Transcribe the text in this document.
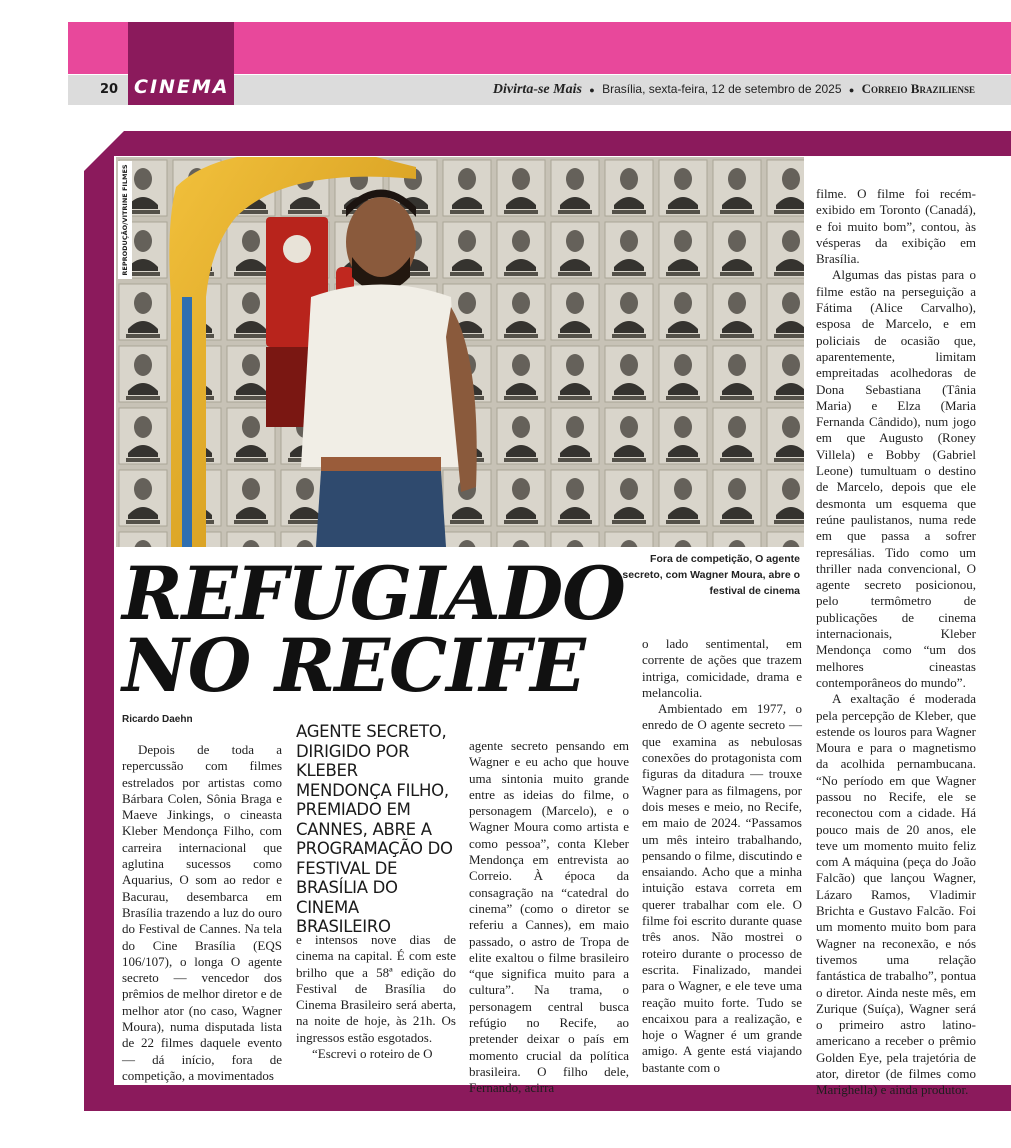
CINEMA
20	Divirta-se Mais ● Brasília, sexta-feira, 12 de setembro de 2025 ● Correio Braziliense
REPRODUÇÃO/VITRINE FILMES
Fora de competição, O agente secreto, com Wagner Moura, abre o festival de cinema
REFUGIADO
NO RECIFE
Ricardo Daehn
AGENTE SECRETO, DIRIGIDO POR KLEBER MENDONÇA FILHO, PREMIADO EM CANNES, ABRE A PROGRAMAÇÃO DO FESTIVAL DE BRASÍLIA DO CINEMA BRASILEIRO

Depois de toda a repercussão com filmes estrelados por artistas como Bárbara Colen, Sônia Braga e Maeve Jinkings, o cineasta Kleber Mendonça Filho, com carreira internacional que aglutina sucessos como Aquarius, O som ao redor e Bacurau, desembarca em Brasília trazendo a luz do ouro do Festival de Cannes. Na tela do Cine Brasília (EQS 106/107), o longa O agente secreto — vencedor dos prêmios de melhor diretor e de melhor ator (no caso, Wagner Moura), numa disputada lista de 22 filmes daquele evento — dá início, fora de competição, a movimentados

e intensos nove dias de cinema na capital. É com este brilho que a 58ª edição do Festival de Brasília do Cinema Brasileiro será aberta, na noite de hoje, às 21h. Os ingressos estão esgotados.

“Escrevi o roteiro de O

agente secreto pensando em Wagner e eu acho que houve uma sintonia muito grande entre as ideias do filme, o personagem (Marcelo), e o Wagner Moura como artista e como pessoa”, conta Kleber Mendonça em entrevista ao Correio. À época da consagração na “catedral do cinema” (como o diretor se referiu a Cannes), em maio passado, o astro de Tropa de elite exaltou o filme brasileiro “que significa muito para a cultura”. Na trama, o personagem central busca refúgio no Recife, ao pretender deixar o país em momento crucial da política brasileira. O filho dele, Fernando, acirra

o lado sentimental, em corrente de ações que trazem intriga, comicidade, drama e melancolia.

Ambientado em 1977, o enredo de O agente secreto — que examina as nebulosas conexões do protagonista com figuras da ditadura — trouxe Wagner para as filmagens, por dois meses e meio, no Recife, em maio de 2024. “Passamos um mês inteiro trabalhando, pensando o filme, discutindo e ensaiando. Acho que a minha intuição estava correta em querer trabalhar com ele. O filme foi escrito durante quase três anos. Não mostrei o roteiro durante o processo de escrita. Finalizado, mandei para o Wagner, e ele teve uma reação muito forte. Tudo se encaixou para a realização, e hoje o Wagner é um grande amigo. A gente está viajando bastante com o

filme. O filme foi recém-exibido em Toronto (Canadá), e foi muito bom”, contou, às vésperas da exibição em Brasília.

Algumas das pistas para o filme estão na perseguição a Fátima (Alice Carvalho), esposa de Marcelo, e em policiais de ocasião que, aparentemente, limitam empreitadas acolhedoras de Dona Sebastiana (Tânia Maria) e Elza (Maria Fernanda Cândido), num jogo em que Augusto (Roney Villela) e Bobby (Gabriel Leone) tumultuam o destino de Marcelo, depois que ele desmonta um esquema que reúne paulistanos, numa rede em que passa a sofrer represálias. Tido como um thriller nada convencional, O agente secreto posicionou, pelo termômetro de publicações de cinema internacionais, Kleber Mendonça como “um dos melhores cineastas contemporâneos do mundo”.

A exaltação é moderada pela percepção de Kleber, que estende os louros para Wagner Moura e para o magnetismo da acolhida pernambucana. “No período em que Wagner passou no Recife, ele se reconectou com a cidade. Há pouco mais de 20 anos, ele teve um momento muito feliz com A máquina (peça do João Falcão) que lançou Wagner, Lázaro Ramos, Vladimir Brichta e Gustavo Falcão. Foi um momento muito bom para Wagner na reconexão, e nós tivemos uma relação fantástica de trabalho”, pontua o diretor. Ainda neste mês, em Zurique (Suíça), Wagner será o primeiro astro latino-americano a receber o prêmio Golden Eye, pela trajetória de ator, diretor (de filmes como Marighella) e ainda produtor.
